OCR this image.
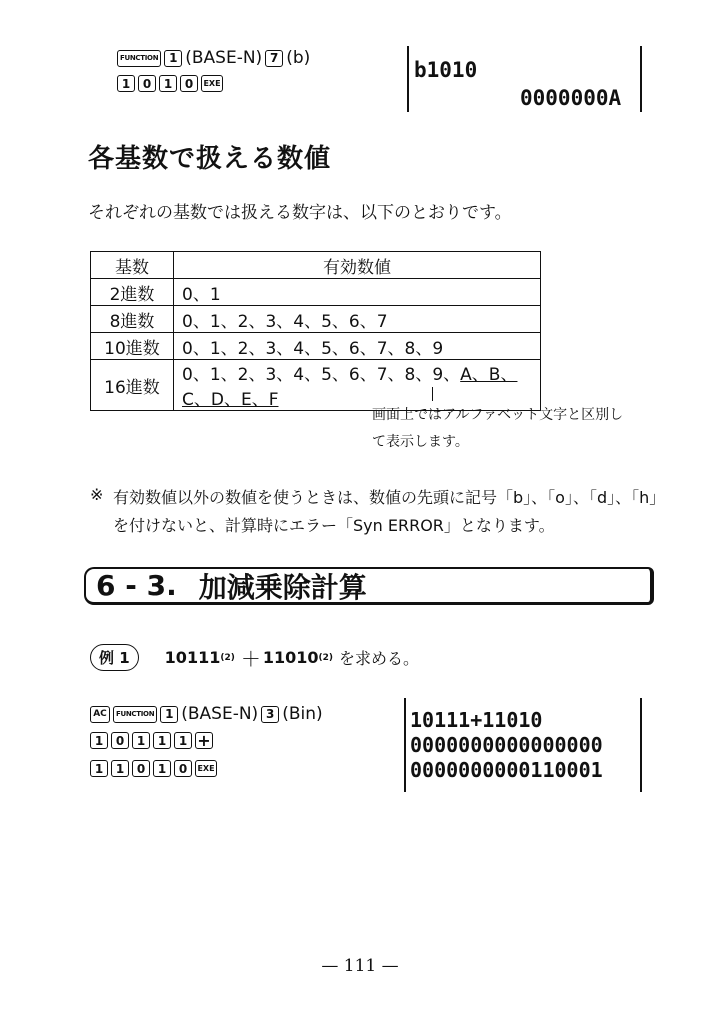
FUNCTION 1 (BASE-N) 7 (b)
1	0	1	0	EXE
b1010
0000000A
各基数で扱える数値

それぞれの基数では扱える数字は、以下のとおりです。

基数	有効数値
2進数	0、1
8進数	0、1、2、3、4、5、6、7
10進数	0、1、2、3、4、5、6、7、8、9
16進数	0、1、2、3、4、5、6、7、8、9、A、B、C、D、E、F

画面上ではアルファベット文字と区別し

て表示します。

※ 有効数値以外の数値を使うときは、数値の先頭に記号「b」、「o」、「d」、「h」

を付けないと、計算時にエラー「Syn ERROR」となります。

6 - 3. 加減乗除計算
例 1	10111 (2) ＋ 11010 (2) を求める。
AC	FUNCTION 1 (BASE-N) 3 (Bin)
1	0	1	1	1 +
1	1	0	1	0	EXE
10111+11010
0000000000000000
0000000000110001
— 111 —
